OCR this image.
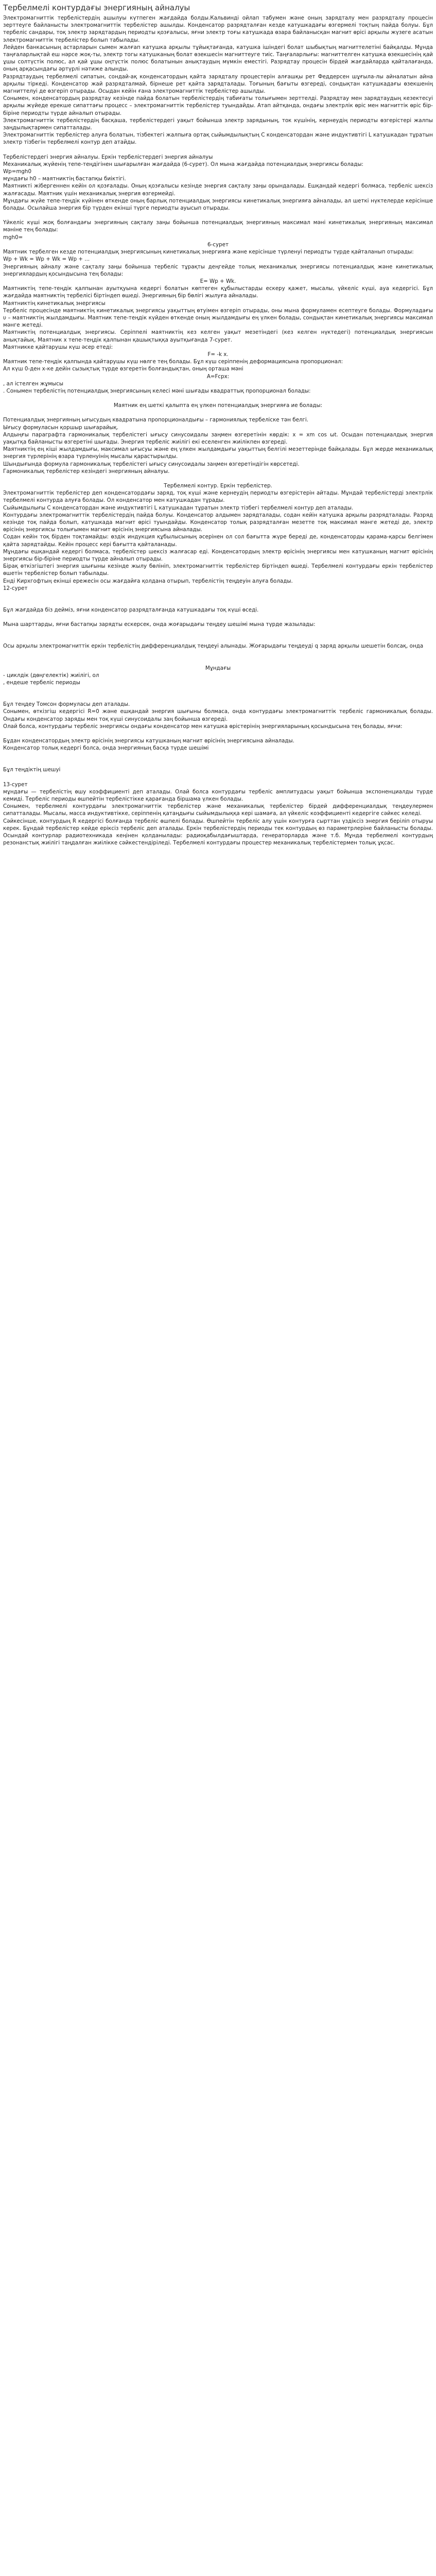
Тербелмелі контурдағы энергияның айналуы

Электромагниттік тербелістердің ашылуы күтпеген жағдайда болды.Кальвинді ойлап табумен және оның зарядталу мен разрядталу процесін зерттеуге байланысты электромагниттік тербелістер ашылды. Конденсатор разрядталған кезде катушкадағы өзгермелі тоқтың пайда болуы. Бұл тербеліс сандары, тоқ электр зарядтардың периодты қозғалысы, яғни электр тоғы катушкада өзара байланысқан магнит өрісі арқылы жүзеге асатын электромагниттік тербелістер болып табылады.

Лейден банкасының астарларын сымен жалғап катушка арқылы тұйықтағанда, катушка ішіндегі болат шыбықтың магниттелетіні байқалды. Мұнда таңғаларлықтай еш нәрсе жоқ-ты, электр тогы катушканың болат өзекшесін магниттеуге тиіс. Таңғаларлығы: магниттелген катушка өзекшесінің қай ұшы солтүстік полюс, ал қай ұшы оңтүстік полюс болатынын анықтаудың мүмкін еместігі. Разрядтау процесін бірдей жағдайларда қайталағанда, оның арқасындағы әртүрлі нәтиже алынды.

Разрядтаудың тербелмелі сипатын, сондай-ақ конденсатордың қайта зарядталу процестерін алғашқы рет Феддерсен шұғыла-лы айналатын айна арқылы тіркеді. Конденсатор жай разрядталмай, бірнеше рет қайта зарядталады. Тоғының бағыты өзгереді, сондықтан катушкадағы өзекшенің магниттелуі де өзгеріп отырады. Осыдан кейін ғана электромагниттік тербелістер ашылды.

Сонымен, конденсатордың разрядтау кезінде пайда болатын тербелістердің табиғаты толығымен зерттелді. Разрядтау мен зарядтаудың кезектесуі арқылы жүйеде ерекше сипаттағы процесс – электромагниттік тербелістер туындайды. Атап айтқанда, ондағы электрлік өріс мен магниттік өріс бір-біріне периодты түрде айналып отырады.

Электромагниттік тербелістердің басқаша, тербелістердегі уақыт бойынша электр зарядының, ток күшінің, кернеудің периодты өзгерістері жалпы заңдылықтармен сипатталады.

Электромагниттік тербелістер алуға болатын, тізбектегі жалпыға ортақ сыйымдылықтың С конденсатордан және индуктивтігі L катушкадан тұратын электр тізбегін тербелмелі контур деп атайды.

Тербелістердегі энергия айналуы. Еркін тербелістердегі энергия айналуы

Механикалық жүйенің тепе-теңдігінен шығарылған жағдайда (6-сурет). Ол мына жағдайда потенциалдық энергиясы болады:

Wр=mgh0

мұндағы h0 – маятниктің бастапқы биіктігі.

Маятникті жібергеннен кейін ол қозғалады. Оның қозғалысы кезінде энергия сақталу заңы орындалады. Ешқандай кедергі болмаса, тербеліс шексіз жалғасады. Маятник үшін механикалық энергия өзгермейді.

Мұндағы жүйе тепе-теңдік күйінен өткенде оның барлық потенциалдық энергиясы кинетикалық энергияға айналады, ал шеткі нүктелерде керісінше болады. Осылайша энергия бір түрден екінші түрге периодты ауысып отырады.

Үйкеліс күші жоқ болғандағы энергияның сақталу заңы бойынша потенциалдық энергияның максимал мәні кинетикалық энергияның максимал мәніне тең болады:

mgh0=

6-сурет

Маятник тербелген кезде потенциалдық энергиясының кинетикалық энергияға және керісінше түрленуі периодты түрде қайталанып отырады:

Wp + Wk = Wp + Wk = Wp + ...

Энергияның айналу және сақталу заңы бойынша тербеліс тұрақты деңгейде толық механикалық энергиясы потенциалдық және кинетикалық энергиялардың қосындысына тең болады:

E= Wp + Wk.

Маятниктің тепе-теңдік қалпынан ауытқуына кедергі болатын көптеген құбылыстарды ескеру қажет, мысалы, үйкеліс күші, ауа кедергісі. Бұл жағдайда маятниктің тербелісі біртіндеп өшеді. Энергияның бір бөлігі жылуға айналады.

Маятниктің кинетикалық энергиясы

Тербеліс процесінде маятниктің кинетикалық энергиясы уақыттың өтуімен өзгеріп отырады, оны мына формуламен есептеуге болады. Формуладағы υ – маятниктің жылдамдығы. Маятник тепе-теңдік күйден өткенде оның жылдамдығы ең үлкен болады, сондықтан кинетикалық энергиясы максимал мәнге жетеді.

Маятниктің потенциалдық энергиясы. Серіппелі маятниктің кез келген уақыт мезетіндегі (кез келген нүктедегі) потенциалдық энергиясын анықтайық. Маятник х тепе-теңдік қалпынан қашықтыққа ауытқығанда 7-сурет.

Маятникке қайтарушы күш әсер етеді:

F= -k x.

Маятник тепе-теңдік қалпында қайтарушы күш нөлге тең болады. Бұл күш серіппенің деформациясына пропорционал:

Ал күш 0-ден х-ке дейін сызықтық түрде өзгеретін болғандықтан, оның орташа мәні

A=Fсрx:

, ал істелген жұмысы

. Сонымен тербелістің потенциалдық энергиясының келесі мәні шығады квадраттық пропорционал болады:

Маятник ең шеткі қалыпта ең үлкен потенциалдық энергияға ие болады:

Потенциалдық энергияның ығысудың квадратына пропорционалдығы – гармониялық тербеліске тән белгі.

Ығысу формуласын қоршыр шығарайық.

Алдыңғы параграфта гармоникалық тербелістегі ығысу синусоидалы заңмен өзгеретінін көрдік: x = xm cos ωt. Осыдан потенциалдық энергия уақытқа байланысты өзгеретіні шығады. Энергия тербеліс жиілігі екі еселенген жиілікпен өзгереді.

Маятниктің ең кіші жылдамдығы, максимал ығысуы және ең үлкен жылдамдығы уақыттың белгілі мезеттерінде байқалады. Бұл жерде механикалық энергия түрлерінің өзара түрленуінің мысалы қарастырылды.

Шындығында формула гармоникалық тербелістегі ығысу синусоидалы заңмен өзгеретіндігін көрсетеді.

Гармоникалық тербелістер кезіндегі энергияның айналуы.

Тербелмелі контур. Еркін тербелістер.

Электромагниттік тербелістер деп конденсатордағы заряд, тоқ күші және кернеудің периодты өзгерістерін айтады. Мұндай тербелістерді электрлік тербелмелі контурда алуға болады. Ол конденсатор мен катушкадан тұрады.

Сыйымдылығы C конденсатордан және индуктивтігі L катушкадан тұратын электр тізбегі тербелмелі контур деп аталады.

Контурдағы электромагниттік тербелістердің пайда болуы. Конденсатор алдымен зарядталады, содан кейін катушка арқылы разрядталады. Разряд кезінде тоқ пайда болып, катушкада магнит өрісі туындайды. Конденсатор толық разрядталған мезетте тоқ максимал мәнге жетеді де, электр өрісінің энергиясы толығымен магнит өрісінің энергиясына айналады.

Содан кейін тоқ бірден тоқтамайды: өздік индукция құбылысының әсерінен ол сол бағытта жүре береді де, конденсаторды қарама-қарсы белгімен қайта зарядтайды. Кейін процесс кері бағытта қайталанады.

Мұндағы ешқандай кедергі болмаса, тербелістер шексіз жалғасар еді. Конденсатордың электр өрісінің энергиясы мен катушканың магнит өрісінің энергиясы бір-біріне периодты түрде айналып отырады.

Бірақ өткізгіштегі энергия шығыны кезінде жылу бөлініп, электромагниттік тербелістер біртіндеп өшеді. Тербелмелі контурдағы еркін тербелістер өшетін тербелістер болып табылады.

Енді Кирхгофтың екінші ережесін осы жағдайға қолдана отырып, тербелістің теңдеуін алуға болады.

12-сурет

Бұл жағдайда біз дейміз, яғни конденсатор разрядталғанда катушкадағы тоқ күші өседі.

Мына шарттарды, яғни бастапқы зарядты ескерсек, онда жоғарыдағы теңдеу шешімі мына түрде жазылады:

Осы арқылы электромагниттік еркін тербелістің дифференциалдық теңдеуі алынады. Жоғарыдағы теңдеуді q заряд арқылы шешетін болсақ, онда

Мұндағы

- циклдік (дөңгелектік) жиілігі, ол

, ендеше тербеліс периоды

Бұл теңдеу Томсон формуласы деп аталады.

Сонымен, өткізгіш кедергісі R=0 және ешқандай энергия шығыны болмаса, онда контурдағы электромагниттік тербеліс гармоникалық болады. Ондағы конденсатор заряды мен тоқ күші синусоидалы заң бойынша өзгереді.

Олай болса, контурдағы тербеліс энергиясы ондағы конденсатор мен катушка өрістерінің энергияларының қосындысына тең болады, яғни:

Бұдан конденсатордың электр өрісінің энергиясы катушканың магнит өрісінің энергиясына айналады.

Конденсатор толық кедергі болса, онда энергияның басқа түрде шешімі

Бұл теңдіктің шешуі

13-сурет

мұндағы — тербелістің өшу коэффициенті деп аталады. Олай болса контурдағы тербеліс амплитудасы уақыт бойынша экспоненциалды түрде кемиді. Тербеліс периоды өшпейтін тербелістікке қарағанда біршама үлкен болады.

Сонымен, тербелмелі контурдағы электромагниттік тербелістер және механикалық тербелістер бірдей дифференциалдық теңдеулермен сипатталады. Мысалы, масса индуктивтікке, серіппенің қатаңдығы сыйымдылыққа кері шамаға, ал үйкеліс коэффициенті кедергіге сәйкес келеді.

Сәйкесінше, контурдың R кедергісі болғанда тербеліс өшпелі болады. Өшпейтін тербеліс алу үшін контурға сырттан үздіксіз энергия беріліп отыруы керек. Бұндай тербелістер кейде еріксіз тербеліс деп аталады. Еркін тербелістердің периоды тек контурдың өз параметрлеріне байланысты болады. Осындай контурлар радиотехникада кеңінен қолданылады: радиоқабылдағыштарда, генераторларда және т.б. Мұнда тербелмелі контурдың резонанстық жиілігі таңдалған жиілікке сәйкестендіріледі. Тербелмелі контурдағы процестер механикалық тербелістермен толық ұқсас.
